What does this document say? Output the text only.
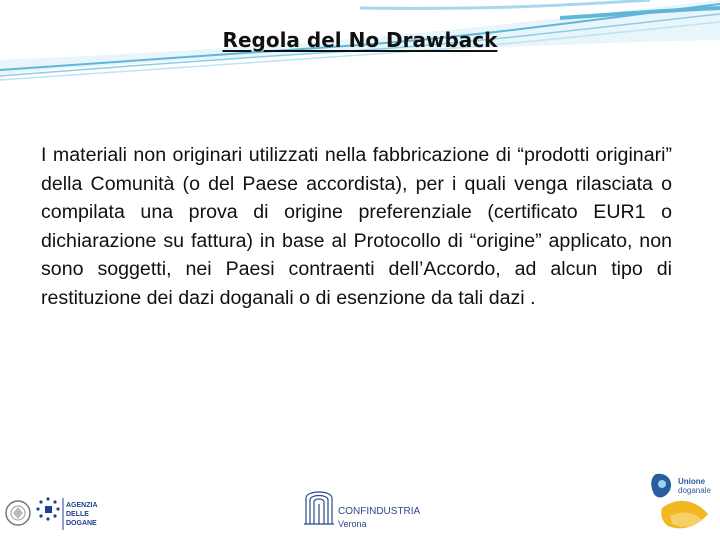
Regola del No Drawback
I materiali non originari utilizzati nella fabbricazione di “prodotti originari” della Comunità (o del Paese accordista), per i quali venga rilasciata o compilata una prova di origine preferenziale (certificato EUR1 o dichiarazione su fattura) in base al Protocollo di “origine” applicato, non sono soggetti, nei Paesi contraenti dell’Accordo, ad alcun tipo di restituzione dei dazi doganali o di esenzione da tali dazi .
AGENZIA
DELLE
DOGANE
CONFINDUSTRIA
Verona
Unione
doganale
